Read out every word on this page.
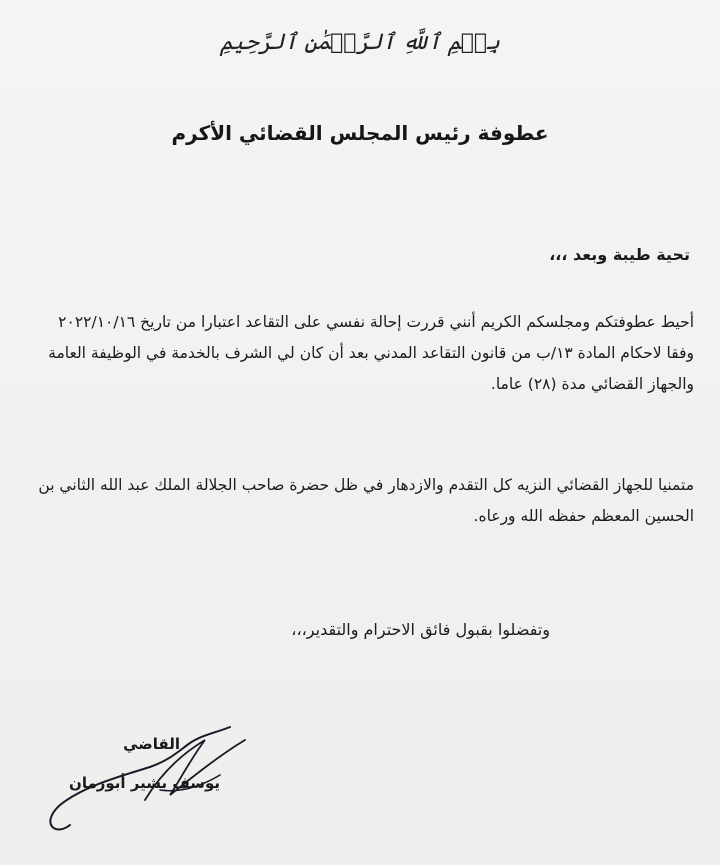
بِسۡمِ ٱللَّهِ ٱلرَّحۡمَٰنِ ٱلرَّحِيمِ
عطوفة رئيس المجلس القضائي الأكرم
تحية طيبة وبعد ،،،
أحيط عطوفتكم ومجلسكم الكريم أنني قررت إحالة نفسي على التقاعد اعتبارا من تاريخ ٢٠٢٢/١٠/١٦
وفقا لاحكام المادة ١٣/ب من قانون التقاعد المدني بعد أن كان لي الشرف بالخدمة في الوظيفة العامة
والجهاز القضائي مدة (٢٨) عاما.
متمنيا للجهاز القضائي النزيه كل التقدم والازدهار في ظل حضرة صاحب الجلالة الملك عبد الله الثاني بن
الحسين المعظم حفظه الله ورعاه.
وتفضلوا بقبول فائق الاحترام والتقدير،،،
القاضي
يوسف بشير أبورمان
